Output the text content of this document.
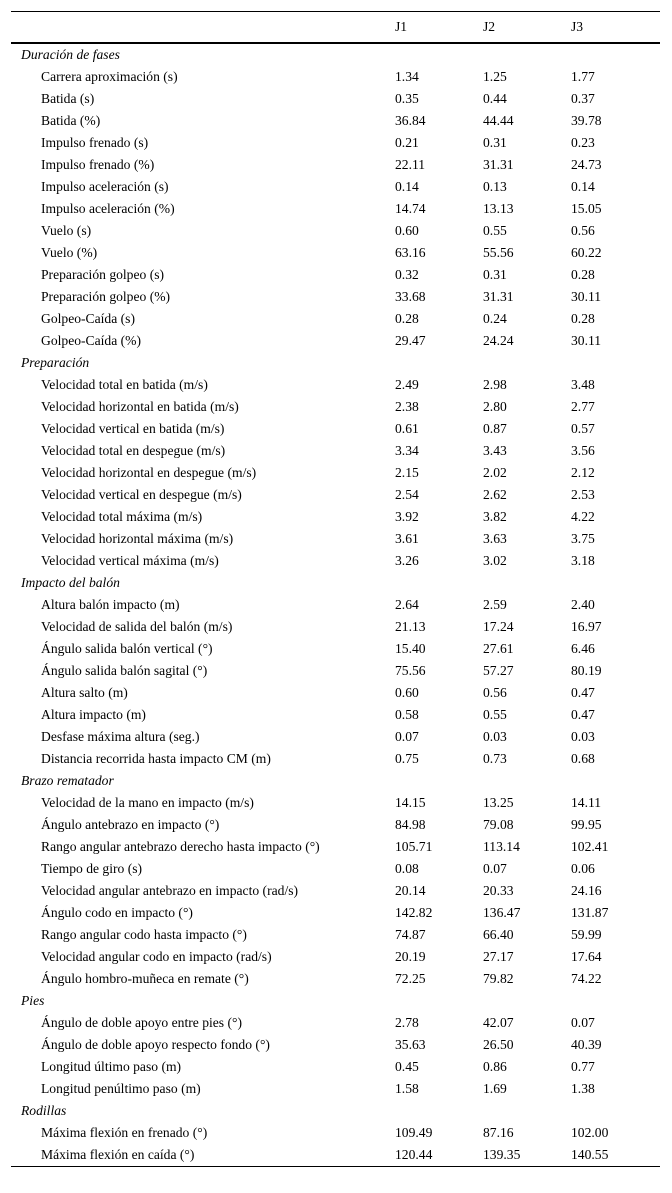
	J1	J2	J3
Duración de fases			
Carrera aproximación (s)	1.34	1.25	1.77
Batida (s)	0.35	0.44	0.37
Batida (%)	36.84	44.44	39.78
Impulso frenado (s)	0.21	0.31	0.23
Impulso frenado (%)	22.11	31.31	24.73
Impulso aceleración (s)	0.14	0.13	0.14
Impulso aceleración (%)	14.74	13.13	15.05
Vuelo (s)	0.60	0.55	0.56
Vuelo (%)	63.16	55.56	60.22
Preparación golpeo (s)	0.32	0.31	0.28
Preparación golpeo (%)	33.68	31.31	30.11
Golpeo-Caída (s)	0.28	0.24	0.28
Golpeo-Caída (%)	29.47	24.24	30.11
Preparación			
Velocidad total en batida (m/s)	2.49	2.98	3.48
Velocidad horizontal en batida (m/s)	2.38	2.80	2.77
Velocidad vertical en batida (m/s)	0.61	0.87	0.57
Velocidad total en despegue (m/s)	3.34	3.43	3.56
Velocidad horizontal en despegue (m/s)	2.15	2.02	2.12
Velocidad vertical en despegue (m/s)	2.54	2.62	2.53
Velocidad total máxima (m/s)	3.92	3.82	4.22
Velocidad horizontal máxima (m/s)	3.61	3.63	3.75
Velocidad vertical máxima (m/s)	3.26	3.02	3.18
Impacto del balón			
Altura balón impacto (m)	2.64	2.59	2.40
Velocidad de salida del balón (m/s)	21.13	17.24	16.97
Ángulo salida balón vertical (°)	15.40	27.61	6.46
Ángulo salida balón sagital (°)	75.56	57.27	80.19
Altura salto (m)	0.60	0.56	0.47
Altura impacto (m)	0.58	0.55	0.47
Desfase máxima altura (seg.)	0.07	0.03	0.03
Distancia recorrida hasta impacto CM (m)	0.75	0.73	0.68
Brazo rematador			
Velocidad de la mano en impacto (m/s)	14.15	13.25	14.11
Ángulo antebrazo en impacto (°)	84.98	79.08	99.95
Rango angular antebrazo derecho hasta impacto (°)	105.71	113.14	102.41
Tiempo de giro (s)	0.08	0.07	0.06
Velocidad angular antebrazo en impacto (rad/s)	20.14	20.33	24.16
Ángulo codo en impacto (°)	142.82	136.47	131.87
Rango angular codo hasta impacto (°)	74.87	66.40	59.99
Velocidad angular codo en impacto (rad/s)	20.19	27.17	17.64
Ángulo hombro-muñeca en remate (°)	72.25	79.82	74.22
Pies			
Ángulo de doble apoyo entre pies (°)	2.78	42.07	0.07
Ángulo de doble apoyo respecto fondo (°)	35.63	26.50	40.39
Longitud último paso (m)	0.45	0.86	0.77
Longitud penúltimo paso (m)	1.58	1.69	1.38
Rodillas			
Máxima flexión en frenado (°)	109.49	87.16	102.00
Máxima flexión en caída (°)	120.44	139.35	140.55
